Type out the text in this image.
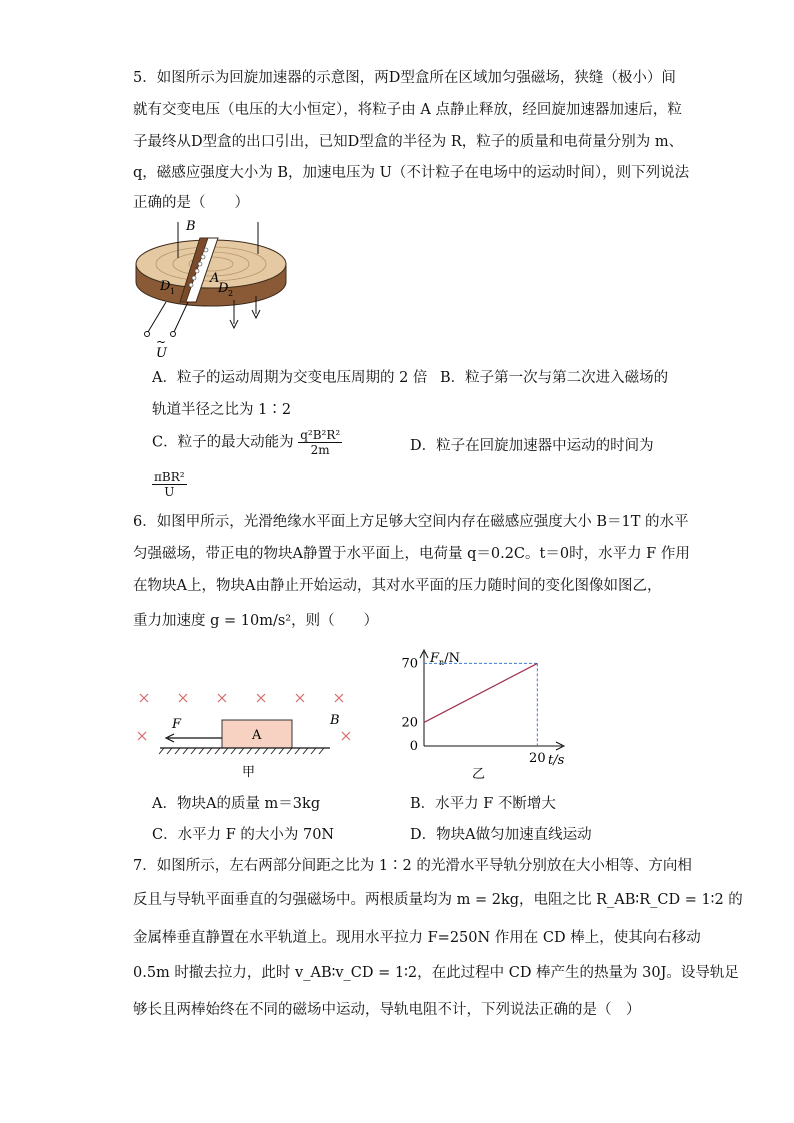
5．如图所示为回旋加速器的示意图，两D型盒所在区域加匀强磁场，狭缝（极小）间
就有交变电压（电压的大小恒定），将粒子由 A 点静止释放，经回旋加速器加速后，粒
子最终从D型盒的出口引出，已知D型盒的半径为 R，粒子的质量和电荷量分别为 m、
q，磁感应强度大小为 B，加速电压为 U（不计粒子在电场中的运动时间），则下列说法
正确的是（　　）
B
A
D 1	D 2
~
U
A．粒子的运动周期为交变电压周期的 2 倍 B．粒子第一次与第二次进入磁场的
轨道半径之比为 1∶2
C．粒子的最大动能为 $\frac{\text{q²B²R²}}{2m}$	D．粒子在回旋加速器中运动的时间为
$\frac{\text{πBR²}}{U}$
6．如图甲所示，光滑绝缘水平面上方足够大空间内存在磁感应强度大小 B＝1T 的水平
匀强磁场，带正电的物块A静置于水平面上，电荷量 q＝0.2C。t＝0时，水平力 F 作用
在物块A上，物块A由静止开始运动，其对水平面的压力随时间的变化图像如图乙，
重力加速度 g = 10m/s²，则（　　）
A
F	B
甲
$F_n/N$
t/s
0
20
70
20
乙
A．物块A的质量 m＝3kg	B．水平力 F 不断增大
C．水平力 F 的大小为 70N	D．物块A做匀加速直线运动
7．如图所示，左右两部分间距之比为 1∶2 的光滑水平导轨分别放在大小相等、方向相
反且与导轨平面垂直的匀强磁场中。两根质量均为 m = 2kg，电阻之比 R_AB∶R_CD = 1∶2 的
金属棒垂直静置在水平轨道上。现用水平拉力 F=250N 作用在 CD 棒上，使其向右移动
0.5m 时撤去拉力，此时 v_AB∶v_CD = 1∶2，在此过程中 CD 棒产生的热量为 30J。设导轨足
够长且两棒始终在不同的磁场中运动，导轨电阻不计，下列说法正确的是（　）
